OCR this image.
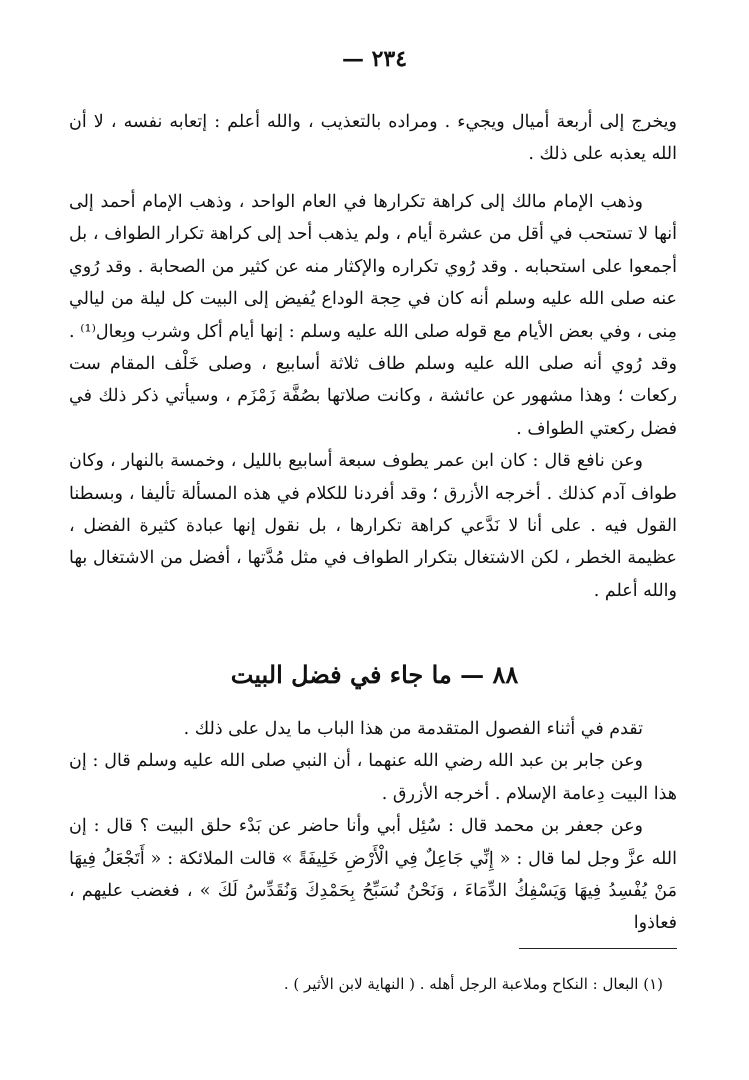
٢٣٤ —

ويخرج إلى أربعة أميال ويجيء . ومراده بالتعذيب ، والله أعلم : إتعابه نفسه ، لا أن الله يعذبه على ذلك .

وذهب الإمام مالك إلى كراهة تكرارها في العام الواحد ، وذهب الإمام أحمد إلى أنها لا تستحب في أقل من عشرة أيام ، ولم يذهب أحد إلى كراهة تكرار الطواف ، بل أجمعوا على استحبابه . وقد رُوي تكراره والإكثار منه عن كثير من الصحابة . وقد رُوي عنه صلى الله عليه وسلم أنه كان في حِجة الوداع يُفيض إلى البيت كل ليلة من ليالي مِنى ، وفي بعض الأيام مع قوله صلى الله عليه وسلم : إنها أيام أكل وشرب وبِعال⁽¹⁾ . وقد رُوي أنه صلى الله عليه وسلم طاف ثلاثة أسابيع ، وصلى خَلْف المقام ست ركعات ؛ وهذا مشهور عن عائشة ، وكانت صلاتها بصُفَّة زَمْزَم ، وسيأتي ذكر ذلك في فضل ركعتي الطواف .

وعن نافع قال : كان ابن عمر يطوف سبعة أسابيع بالليل ، وخمسة بالنهار ، وكان طواف آدم كذلك . أخرجه الأزرق ؛ وقد أفردنا للكلام في هذه المسألة تأليفا ، وبسطنا القول فيه . على أنا لا نَدَّعي كراهة تكرارها ، بل نقول إنها عبادة كثيرة الفضل ، عظيمة الخطر ، لكن الاشتغال بتكرار الطواف في مثل مُدَّتها ، أفضل من الاشتغال بها والله أعلم .

٨٨ — ما جاء في فضل البيت

تقدم في أثناء الفصول المتقدمة من هذا الباب ما يدل على ذلك .

وعن جابر بن عبد الله رضي الله عنهما ، أن النبي صلى الله عليه وسلم قال : إن هذا البيت دِعامة الإسلام . أخرجه الأزرق .

وعن جعفر بن محمد قال : سُئِل أبي وأنا حاضر عن بَدْء حلق البيت ؟ قال : إن الله عزَّ وجل لما قال : « إِنِّي جَاعِلٌ فِي الْأَرْضِ خَلِيفَةً » قالت الملائكة : « أَتَجْعَلُ فِيهَا مَنْ يُفْسِدُ فِيهَا وَيَسْفِكُ الدِّمَاءَ ، وَنَحْنُ نُسَبِّحُ بِحَمْدِكَ وَنُقَدِّسُ لَكَ » ، فغضب عليهم ، فعاذوا

(١) البعال : النكاح وملاعبة الرجل أهله . ( النهاية لابن الأثير ) .
